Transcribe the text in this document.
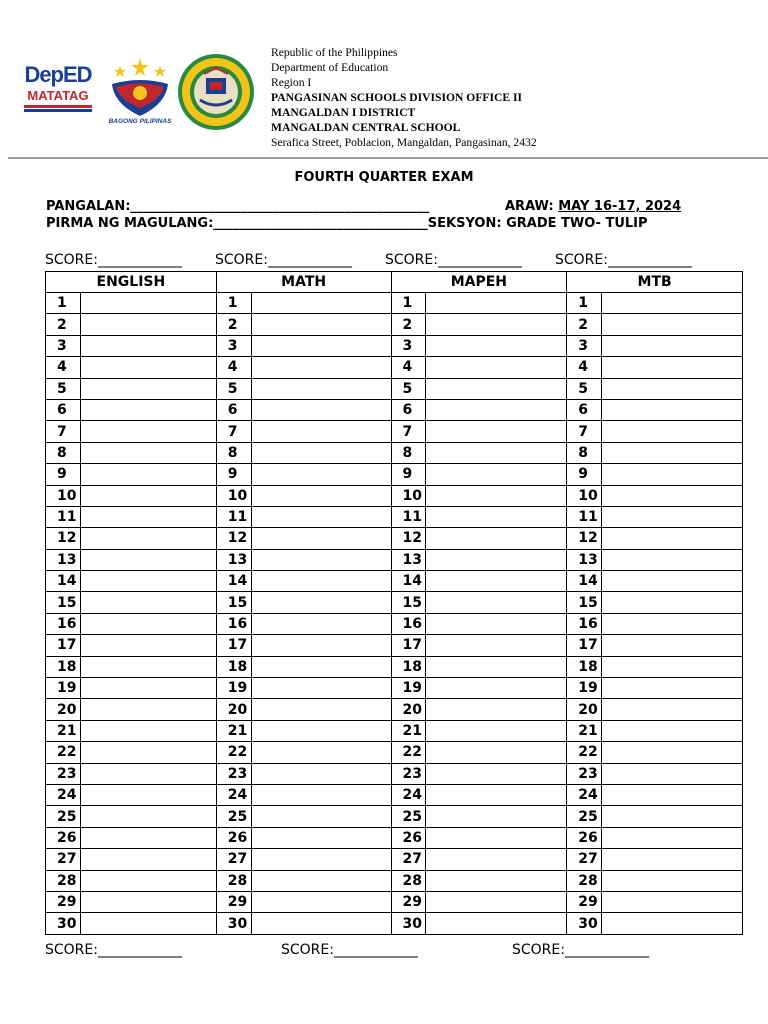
DepED
MATATAG
BAGONG PILIPINAS
Republic of the Philippines
Department of Education
Region I
PANGASINAN SCHOOLS DIVISION OFFICE II
MANGALDAN I DISTRICT
MANGALDAN CENTRAL SCHOOL
Serafica Street, Poblacion, Mangaldan, Pangasinan, 2432
FOURTH QUARTER EXAM
PANGALAN:______________________________________________	ARAW: MAY 16-17, 2024
PIRMA NG MAGULANG:_________________________________SEKSYON: GRADE TWO- TULIP
SCORE:____________ SCORE:____________ SCORE:____________ SCORE:____________
ENGLISH		MATH		MAPEH		MTB	
1		1		1		1	
2		2		2		2	
3		3		3		3	
4		4		4		4	
5		5		5		5	
6		6		6		6	
7		7		7		7	
8		8		8		8	
9		9		9		9	
10		10		10		10	
11		11		11		11	
12		12		12		12	
13		13		13		13	
14		14		14		14	
15		15		15		15	
16		16		16		16	
17		17		17		17	
18		18		18		18	
19		19		19		19	
20		20		20		20	
21		21		21		21	
22		22		22		22	
23		23		23		23	
24		24		24		24	
25		25		25		25	
26		26		26		26	
27		27		27		27	
28		28		28		28	
29		29		29		29	
30		30		30		30	
SCORE:____________	SCORE:____________	SCORE:____________
